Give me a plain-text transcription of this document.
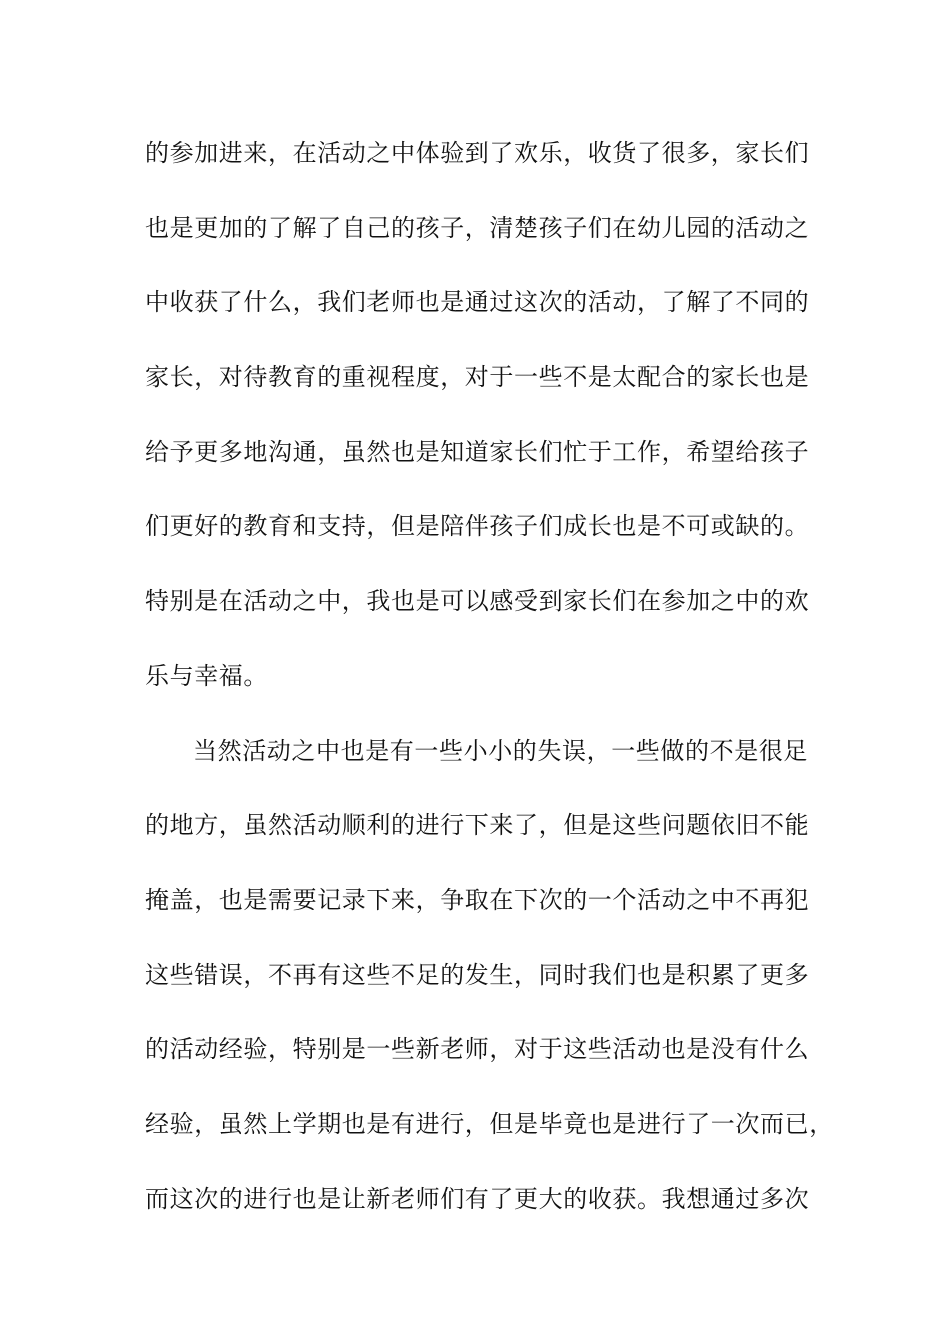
的参加进来，在活动之中体验到了欢乐，收货了很多，家长们
也是更加的了解了自己的孩子，清楚孩子们在幼儿园的活动之
中收获了什么，我们老师也是通过这次的活动，了解了不同的
家长，对待教育的重视程度，对于一些不是太配合的家长也是
给予更多地沟通，虽然也是知道家长们忙于工作，希望给孩子
们更好的教育和支持，但是陪伴孩子们成长也是不可或缺的。
特别是在活动之中，我也是可以感受到家长们在参加之中的欢
乐与幸福。
当然活动之中也是有一些小小的失误，一些做的不是很足
的地方，虽然活动顺利的进行下来了，但是这些问题依旧不能
掩盖，也是需要记录下来，争取在下次的一个活动之中不再犯
这些错误，不再有这些不足的发生，同时我们也是积累了更多
的活动经验，特别是一些新老师，对于这些活动也是没有什么
经验，虽然上学期也是有进行，但是毕竟也是进行了一次而已，
而这次的进行也是让新老师们有了更大的收获。我想通过多次
